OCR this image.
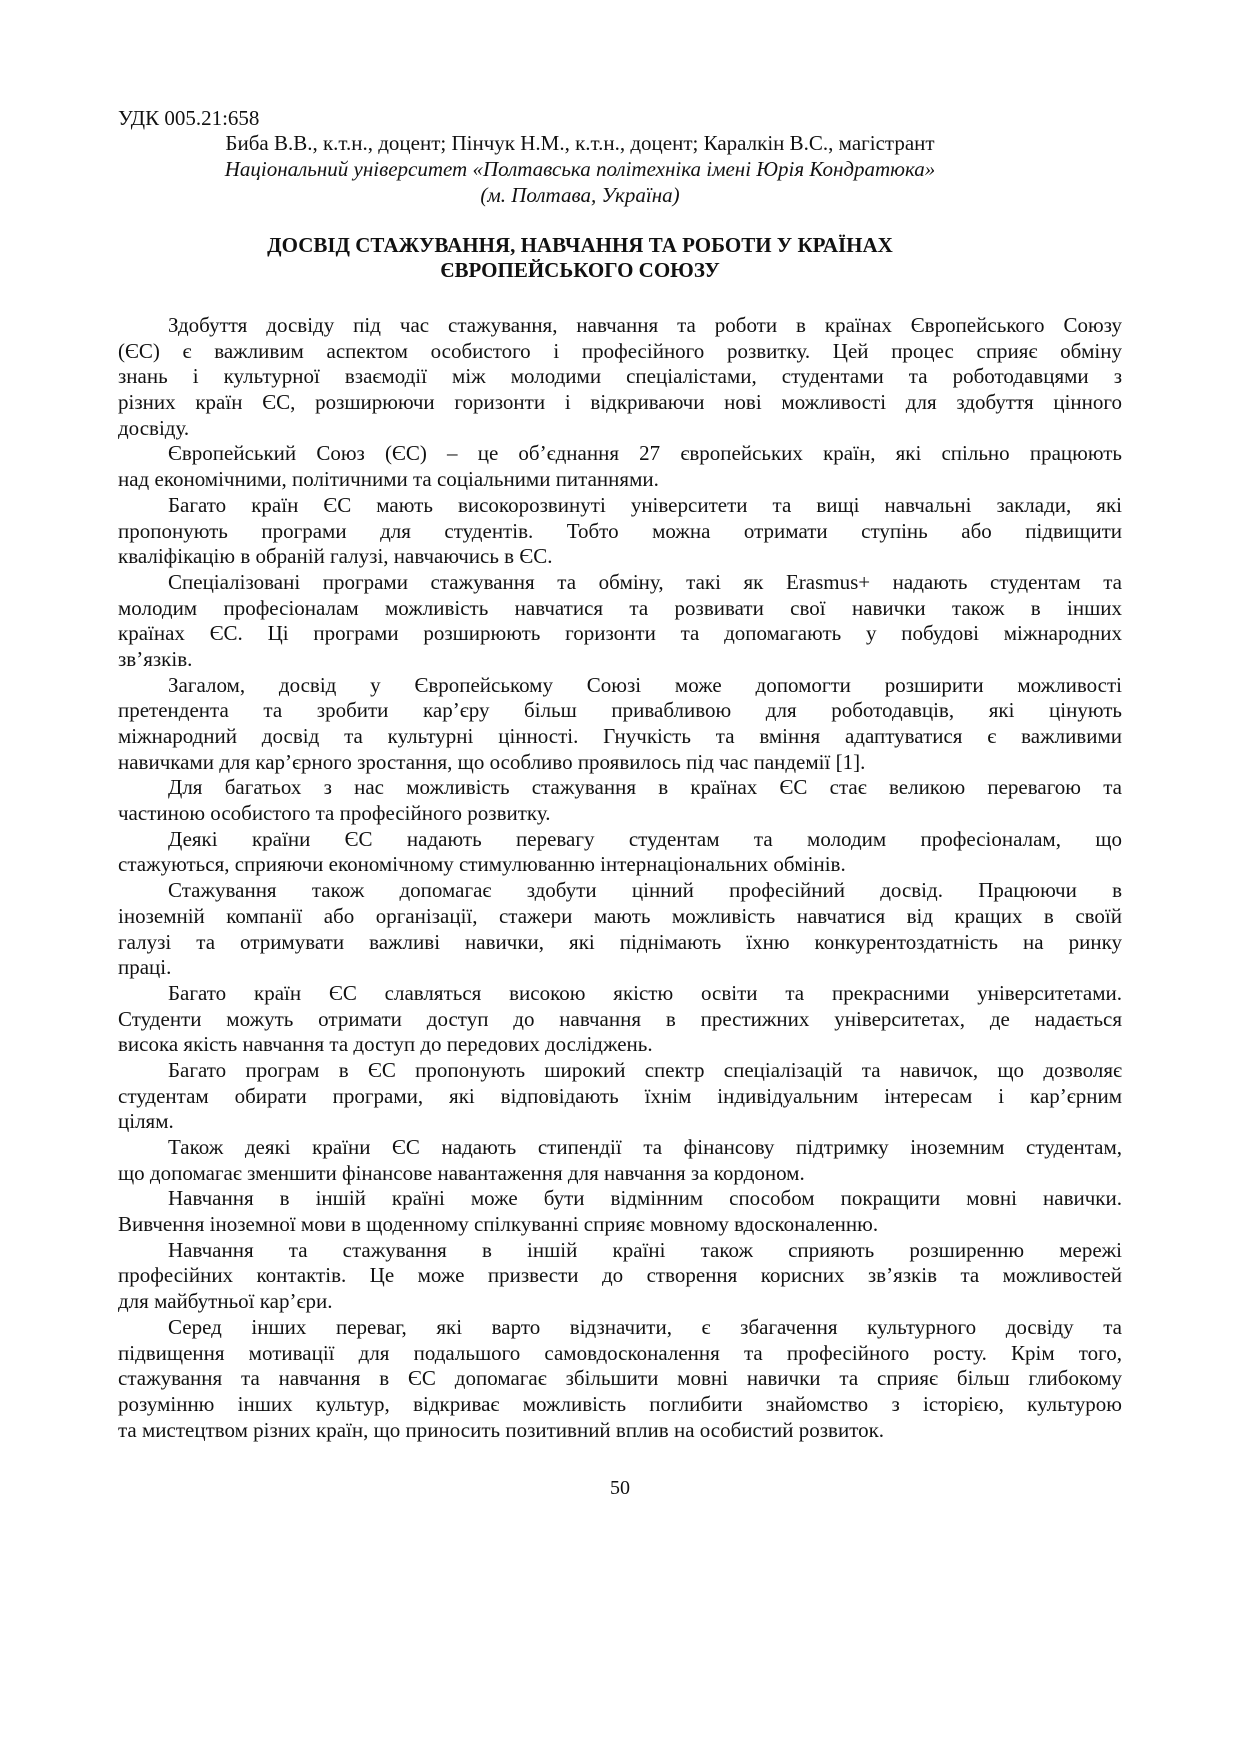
УДК 005.21:658
Биба В.В., к.т.н., доцент; Пінчук Н.М., к.т.н., доцент; Каралкін В.С., магістрант
Національний університет «Полтавська політехніка імені Юрія Кондратюка»
(м. Полтава, Україна)
ДОСВІД СТАЖУВАННЯ, НАВЧАННЯ ТА РОБОТИ У КРАЇНАХ
ЄВРОПЕЙСЬКОГО СОЮЗУ
Здобуття досвіду під час стажування, навчання та роботи в країнах Європейського Союзу
(ЄС) є важливим аспектом особистого і професійного розвитку. Цей процес сприяє обміну
знань і культурної взаємодії між молодими спеціалістами, студентами та роботодавцями з
різних країн ЄС, розширюючи горизонти і відкриваючи нові можливості для здобуття цінного
досвіду.
Європейський Союз (ЄС) – це об’єднання 27 європейських країн, які спільно працюють
над економічними, політичними та соціальними питаннями.
Багато країн ЄС мають високорозвинуті університети та вищі навчальні заклади, які
пропонують програми для студентів. Тобто можна отримати ступінь або підвищити
кваліфікацію в обраній галузі, навчаючись в ЄС.
Спеціалізовані програми стажування та обміну, такі як Erasmus+ надають студентам та
молодим професіоналам можливість навчатися та розвивати свої навички також в інших
країнах ЄС. Ці програми розширюють горизонти та допомагають у побудові міжнародних
зв’язків.
Загалом, досвід у Європейському Союзі може допомогти розширити можливості
претендента та зробити кар’єру більш привабливою для роботодавців, які цінують
міжнародний досвід та культурні цінності. Гнучкість та вміння адаптуватися є важливими
навичками для кар’єрного зростання, що особливо проявилось під час пандемії [1].
Для багатьох з нас можливість стажування в країнах ЄС стає великою перевагою та
частиною особистого та професійного розвитку.
Деякі країни ЄС надають перевагу студентам та молодим професіоналам, що
стажуються, сприяючи економічному стимулюванню інтернаціональних обмінів.
Стажування також допомагає здобути цінний професійний досвід. Працюючи в
іноземній компанії або організації, стажери мають можливість навчатися від кращих в своїй
галузі та отримувати важливі навички, які піднімають їхню конкурентоздатність на ринку
праці.
Багато країн ЄС славляться високою якістю освіти та прекрасними університетами.
Студенти можуть отримати доступ до навчання в престижних університетах, де надається
висока якість навчання та доступ до передових досліджень.
Багато програм в ЄС пропонують широкий спектр спеціалізацій та навичок, що дозволяє
студентам обирати програми, які відповідають їхнім індивідуальним інтересам і кар’єрним
цілям.
Також деякі країни ЄС надають стипендії та фінансову підтримку іноземним студентам,
що допомагає зменшити фінансове навантаження для навчання за кордоном.
Навчання в іншій країні може бути відмінним способом покращити мовні навички.
Вивчення іноземної мови в щоденному спілкуванні сприяє мовному вдосконаленню.
Навчання та стажування в іншій країні також сприяють розширенню мережі
професійних контактів. Це може призвести до створення корисних зв’язків та можливостей
для майбутньої кар’єри.
Серед інших переваг, які варто відзначити, є збагачення культурного досвіду та
підвищення мотивації для подальшого самовдосконалення та професійного росту. Крім того,
стажування та навчання в ЄС допомагає збільшити мовні навички та сприяє більш глибокому
розумінню інших культур, відкриває можливість поглибити знайомство з історією, культурою
та мистецтвом різних країн, що приносить позитивний вплив на особистий розвиток.
50
